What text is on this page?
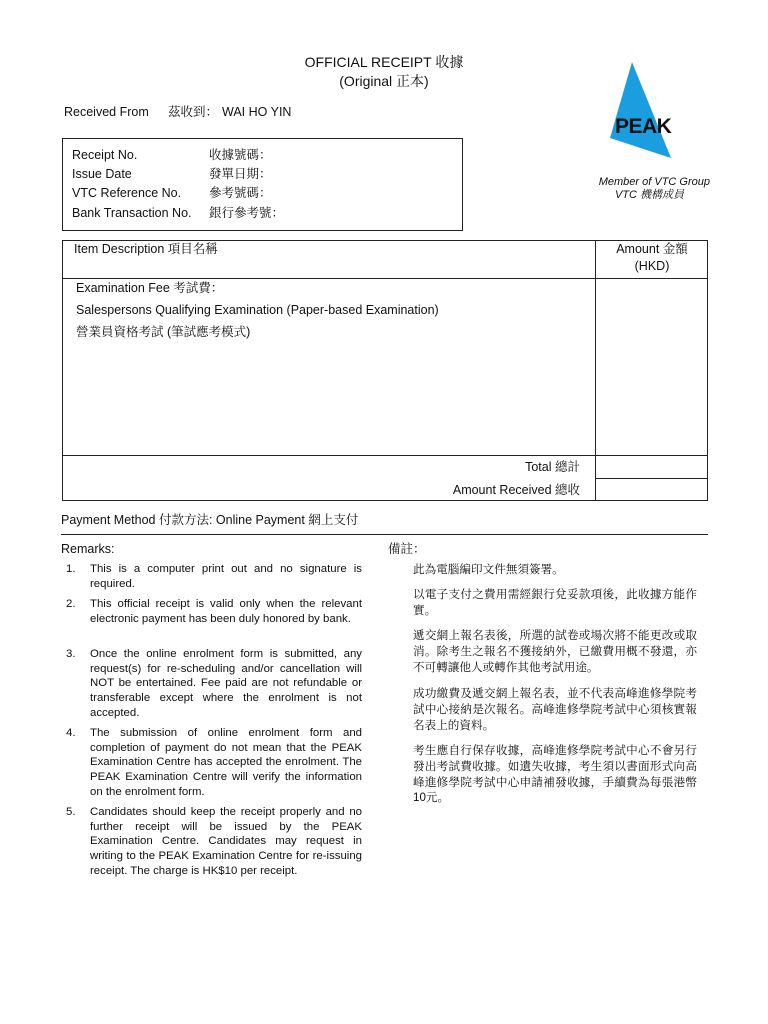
OFFICIAL RECEIPT 收據
(Original 正本)
PEAK
Member of VTC Group
VTC 機構成員
Received From 茲收到： WAI HO YIN
Receipt No.	收據號碼：
Issue Date	發單日期：
VTC Reference No. 參考號碼：
Bank Transaction No. 銀行參考號：
Item Description 項目名稱	Amount 金額
(HKD)
Examination Fee 考試費：
Salespersons Qualifying Examination (Paper-based Examination)
營業員資格考試 (筆試應考模式)
Total 總計
Amount Received 總收
Payment Method 付款方法: Online Payment 網上支付
Remarks:
1.	This is a computer print out and no signature is required.
2.	This official receipt is valid only when the relevant electronic payment has been duly honored by bank.
3.	Once the online enrolment form is submitted, any request(s) for re-scheduling and/or cancellation will NOT be entertained. Fee paid are not refundable or transferable except where the enrolment is not accepted.
4.	The submission of online enrolment form and completion of payment do not mean that the PEAK Examination Centre has accepted the enrolment. The PEAK Examination Centre will verify the information on the enrolment form.
5.	Candidates should keep the receipt properly and no further receipt will be issued by the PEAK Examination Centre. Candidates may request in writing to the PEAK Examination Centre for re-issuing receipt. The charge is HK$10 per receipt.
備註：
此為電腦編印文件無須簽署。
以電子支付之費用需經銀行兌妥款項後，此收據方能作實。
遞交網上報名表後，所選的試卷或場次將不能更改或取消。除考生之報名不獲接納外，已繳費用概不發還，亦不可轉讓他人或轉作其他考試用途。
成功繳費及遞交網上報名表，並不代表高峰進修學院考試中心接納是次報名。高峰進修學院考試中心須核實報名表上的資料。
考生應自行保存收據，高峰進修學院考試中心不會另行發出考試費收據。如遺失收據，考生須以書面形式向高峰進修學院考試中心申請補發收據，手續費為每張港幣10元。
